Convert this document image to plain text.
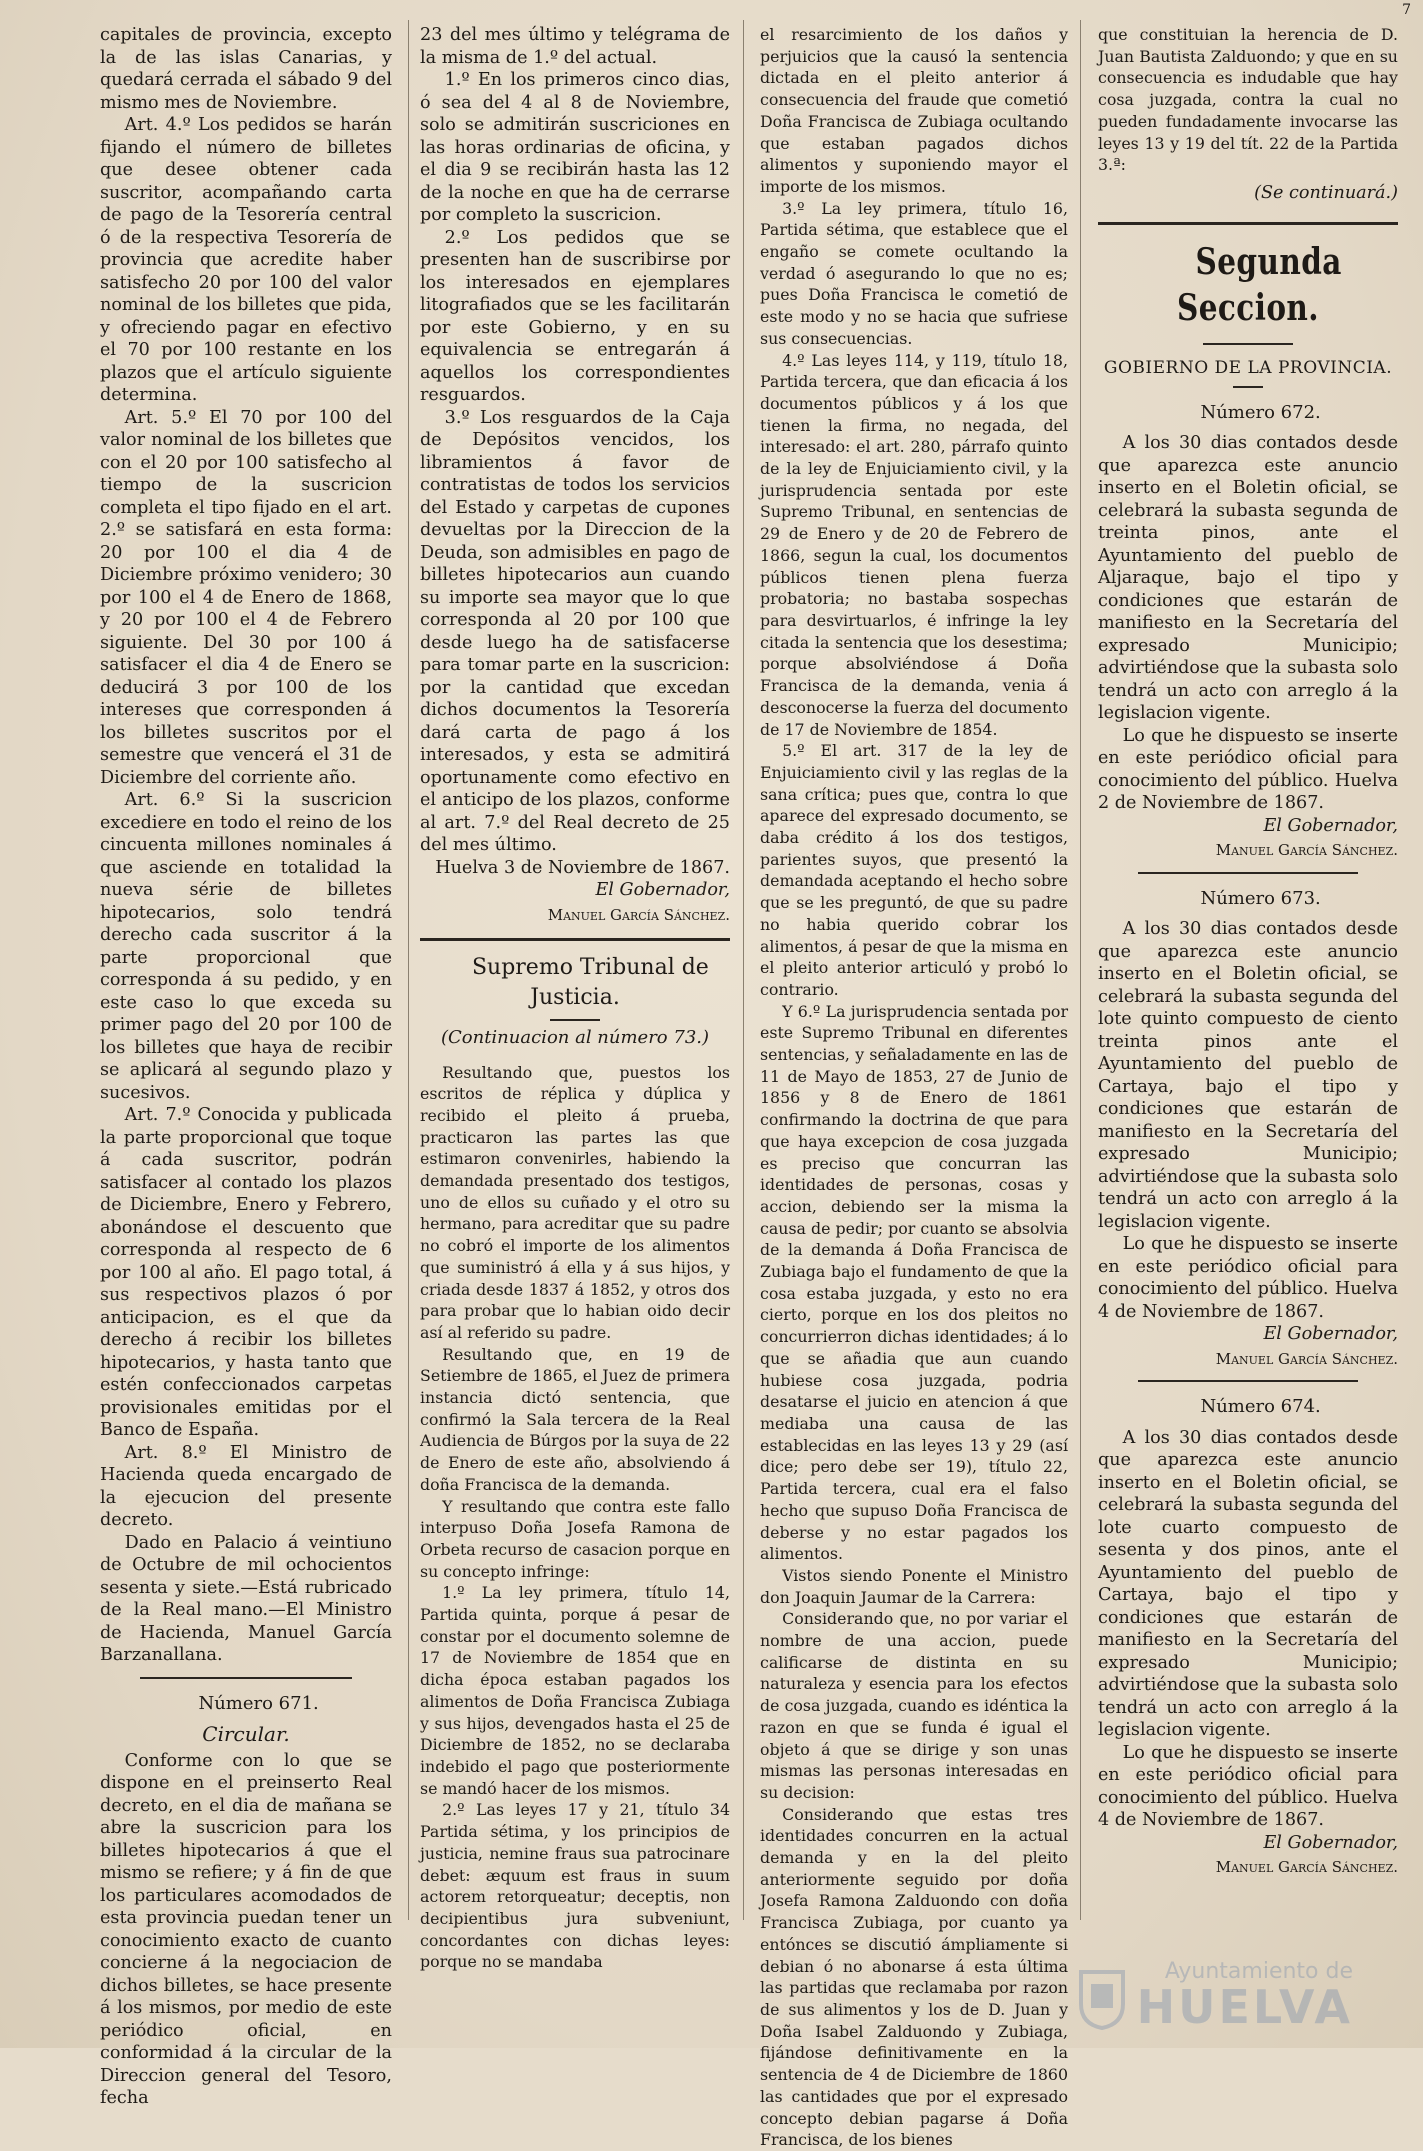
7

capitales de provincia, excepto la de las islas Canarias, y quedará cerrada el sábado 9 del mismo mes de Noviembre.

Art. 4.º Los pedidos se harán fijando el número de billetes que desee obtener cada suscritor, acompañando carta de pago de la Tesorería central ó de la respectiva Tesorería de provincia que acredite haber satisfecho 20 por 100 del valor nominal de los billetes que pida, y ofreciendo pagar en efectivo el 70 por 100 restante en los plazos que el artículo siguiente determina.

Art. 5.º El 70 por 100 del valor nominal de los billetes que con el 20 por 100 satisfecho al tiempo de la suscricion completa el tipo fijado en el art. 2.º se satisfará en esta forma: 20 por 100 el dia 4 de Diciembre próximo venidero; 30 por 100 el 4 de Enero de 1868, y 20 por 100 el 4 de Febrero siguiente. Del 30 por 100 á satisfacer el dia 4 de Enero se deducirá 3 por 100 de los intereses que corresponden á los billetes suscritos por el semestre que vencerá el 31 de Diciembre del corriente año.

Art. 6.º Si la suscricion excediere en todo el reino de los cincuenta millones nominales á que asciende en totalidad la nueva série de billetes hipotecarios, solo tendrá derecho cada suscritor á la parte proporcional que corresponda á su pedido, y en este caso lo que exceda su primer pago del 20 por 100 de los billetes que haya de recibir se aplicará al segundo plazo y sucesivos.

Art. 7.º Conocida y publicada la parte proporcional que toque á cada suscritor, podrán satisfacer al contado los plazos de Diciembre, Enero y Febrero, abonándose el descuento que corresponda al respecto de 6 por 100 al año. El pago total, á sus respectivos plazos ó por anticipacion, es el que da derecho á recibir los billetes hipotecarios, y hasta tanto que estén confeccionados carpetas provisionales emitidas por el Banco de España.

Art. 8.º El Ministro de Hacienda queda encargado de la ejecucion del presente decreto.

Dado en Palacio á veintiuno de Octubre de mil ochocientos sesenta y siete.—Está rubricado de la Real mano.—El Ministro de Hacienda, Manuel García Barzanallana.

Número 671.

Circular.

Conforme con lo que se dispone en el preinserto Real decreto, en el dia de mañana se abre la suscricion para los billetes hipotecarios á que el mismo se refiere; y á fin de que los particulares acomodados de esta provincia puedan tener un conocimiento exacto de cuanto concierne á la negociacion de dichos billetes, se hace presente á los mismos, por medio de este periódico oficial, en conformidad á la circular de la Direccion general del Tesoro, fecha

23 del mes último y telégrama de la misma de 1.º del actual.

1.º En los primeros cinco dias, ó sea del 4 al 8 de Noviembre, solo se admitirán suscriciones en las horas ordinarias de oficina, y el dia 9 se recibirán hasta las 12 de la noche en que ha de cerrarse por completo la suscricion.

2.º Los pedidos que se presenten han de suscribirse por los interesados en ejemplares litografiados que se les facilitarán por este Gobierno, y en su equivalencia se entregarán á aquellos los correspondientes resguardos.

3.º Los resguardos de la Caja de Depósitos vencidos, los libramientos á favor de contratistas de todos los servicios del Estado y carpetas de cupones devueltas por la Direccion de la Deuda, son admisibles en pago de billetes hipotecarios aun cuando su importe sea mayor que lo que corresponda al 20 por 100 que desde luego ha de satisfacerse para tomar parte en la suscricion: por la cantidad que excedan dichos documentos la Tesorería dará carta de pago á los interesados, y esta se admitirá oportunamente como efectivo en el anticipo de los plazos, conforme al art. 7.º del Real decreto de 25 del mes último.

Huelva 3 de Noviembre de 1867.

El Gobernador,

Manuel García Sánchez.

Supremo Tribunal de Justicia.

(Continuacion al número 73.)

Resultando que, puestos los escritos de réplica y dúplica y recibido el pleito á prueba, practicaron las partes las que estimaron convenirles, habiendo la demandada presentado dos testigos, uno de ellos su cuñado y el otro su hermano, para acreditar que su padre no cobró el importe de los alimentos que suministró á ella y á sus hijos, y criada desde 1837 á 1852, y otros dos para probar que lo habian oido decir así al referido su padre.

Resultando que, en 19 de Setiembre de 1865, el Juez de primera instancia dictó sentencia, que confirmó la Sala tercera de la Real Audiencia de Búrgos por la suya de 22 de Enero de este año, absolviendo á doña Francisca de la demanda.

Y resultando que contra este fallo interpuso Doña Josefa Ramona de Orbeta recurso de casacion porque en su concepto infringe:

1.º La ley primera, título 14, Partida quinta, porque á pesar de constar por el documento solemne de 17 de Noviembre de 1854 que en dicha época estaban pagados los alimentos de Doña Francisca Zubiaga y sus hijos, devengados hasta el 25 de Diciembre de 1852, no se declaraba indebido el pago que posteriormente se mandó hacer de los mismos.

2.º Las leyes 17 y 21, título 34 Partida sétima, y los principios de justicia, nemine fraus sua patrocinare debet: æquum est fraus in suum actorem retorqueatur; deceptis, non decipientibus jura subveniunt, concordantes con dichas leyes: porque no se mandaba

el resarcimiento de los daños y perjuicios que la causó la sentencia dictada en el pleito anterior á consecuencia del fraude que cometió Doña Francisca de Zubiaga ocultando que estaban pagados dichos alimentos y suponiendo mayor el importe de los mismos.

3.º La ley primera, título 16, Partida sétima, que establece que el engaño se comete ocultando la verdad ó asegurando lo que no es; pues Doña Francisca le cometió de este modo y no se hacia que sufriese sus consecuencias.

4.º Las leyes 114, y 119, título 18, Partida tercera, que dan eficacia á los documentos públicos y á los que tienen la firma, no negada, del interesado: el art. 280, párrafo quinto de la ley de Enjuiciamiento civil, y la jurisprudencia sentada por este Supremo Tribunal, en sentencias de 29 de Enero y de 20 de Febrero de 1866, segun la cual, los documentos públicos tienen plena fuerza probatoria; no bastaba sospechas para desvirtuarlos, é infringe la ley citada la sentencia que los desestima; porque absolviéndose á Doña Francisca de la demanda, venia á desconocerse la fuerza del documento de 17 de Noviembre de 1854.

5.º El art. 317 de la ley de Enjuiciamiento civil y las reglas de la sana crítica; pues que, contra lo que aparece del expresado documento, se daba crédito á los dos testigos, parientes suyos, que presentó la demandada aceptando el hecho sobre que se les preguntó, de que su padre no habia querido cobrar los alimentos, á pesar de que la misma en el pleito anterior articuló y probó lo contrario.

Y 6.º La jurisprudencia sentada por este Supremo Tribunal en diferentes sentencias, y señaladamente en las de 11 de Mayo de 1853, 27 de Junio de 1856 y 8 de Enero de 1861 confirmando la doctrina de que para que haya excepcion de cosa juzgada es preciso que concurran las identidades de personas, cosas y accion, debiendo ser la misma la causa de pedir; por cuanto se absolvia de la demanda á Doña Francisca de Zubiaga bajo el fundamento de que la cosa estaba juzgada, y esto no era cierto, porque en los dos pleitos no concurrierron dichas identidades; á lo que se añadia que aun cuando hubiese cosa juzgada, podria desatarse el juicio en atencion á que mediaba una causa de las establecidas en las leyes 13 y 29 (así dice; pero debe ser 19), título 22, Partida tercera, cual era el falso hecho que supuso Doña Francisca de deberse y no estar pagados los alimentos.

Vistos siendo Ponente el Ministro don Joaquin Jaumar de la Carrera:

Considerando que, no por variar el nombre de una accion, puede calificarse de distinta en su naturaleza y esencia para los efectos de cosa juzgada, cuando es idéntica la razon en que se funda é igual el objeto á que se dirige y son unas mismas las personas interesadas en su decision:

Considerando que estas tres identidades concurren en la actual demanda y en la del pleito anteriormente seguido por doña Josefa Ramona Zalduondo con doña Francisca Zubiaga, por cuanto ya entónces se discutió ámpliamente si debian ó no abonarse á esta última las partidas que reclamaba por razon de sus alimentos y los de D. Juan y Doña Isabel Zalduondo y Zubiaga, fijándose definitivamente en la sentencia de 4 de Diciembre de 1860 las cantidades que por el expresado concepto debian pagarse á Doña Francisca, de los bienes

que constituian la herencia de D. Juan Bautista Zalduondo; y que en su consecuencia es indudable que hay cosa juzgada, contra la cual no pueden fundadamente invocarse las leyes 13 y 19 del tít. 22 de la Partida 3.ª:

(Se continuará.)

Segunda Seccion.

GOBIERNO DE LA PROVINCIA.

Número 672.

A los 30 dias contados desde que aparezca este anuncio inserto en el Boletin oficial, se celebrará la subasta segunda de treinta pinos, ante el Ayuntamiento del pueblo de Aljaraque, bajo el tipo y condiciones que estarán de manifiesto en la Secretaría del expresado Municipio; advirtiéndose que la subasta solo tendrá un acto con arreglo á la legislacion vigente.

Lo que he dispuesto se inserte en este periódico oficial para conocimiento del público. Huelva 2 de Noviembre de 1867.

El Gobernador,

Manuel García Sánchez.

Número 673.

A los 30 dias contados desde que aparezca este anuncio inserto en el Boletin oficial, se celebrará la subasta segunda del lote quinto compuesto de ciento treinta pinos ante el Ayuntamiento del pueblo de Cartaya, bajo el tipo y condiciones que estarán de manifiesto en la Secretaría del expresado Municipio; advirtiéndose que la subasta solo tendrá un acto con arreglo á la legislacion vigente.

Lo que he dispuesto se inserte en este periódico oficial para conocimiento del público. Huelva 4 de Noviembre de 1867.

El Gobernador,

Manuel García Sánchez.

Número 674.

A los 30 dias contados desde que aparezca este anuncio inserto en el Boletin oficial, se celebrará la subasta segunda del lote cuarto compuesto de sesenta y dos pinos, ante el Ayuntamiento del pueblo de Cartaya, bajo el tipo y condiciones que estarán de manifiesto en la Secretaría del expresado Municipio; advirtiéndose que la subasta solo tendrá un acto con arreglo á la legislacion vigente.

Lo que he dispuesto se inserte en este periódico oficial para conocimiento del público. Huelva 4 de Noviembre de 1867.

El Gobernador,

Manuel García Sánchez.

Ayuntamiento de
HUELVA
